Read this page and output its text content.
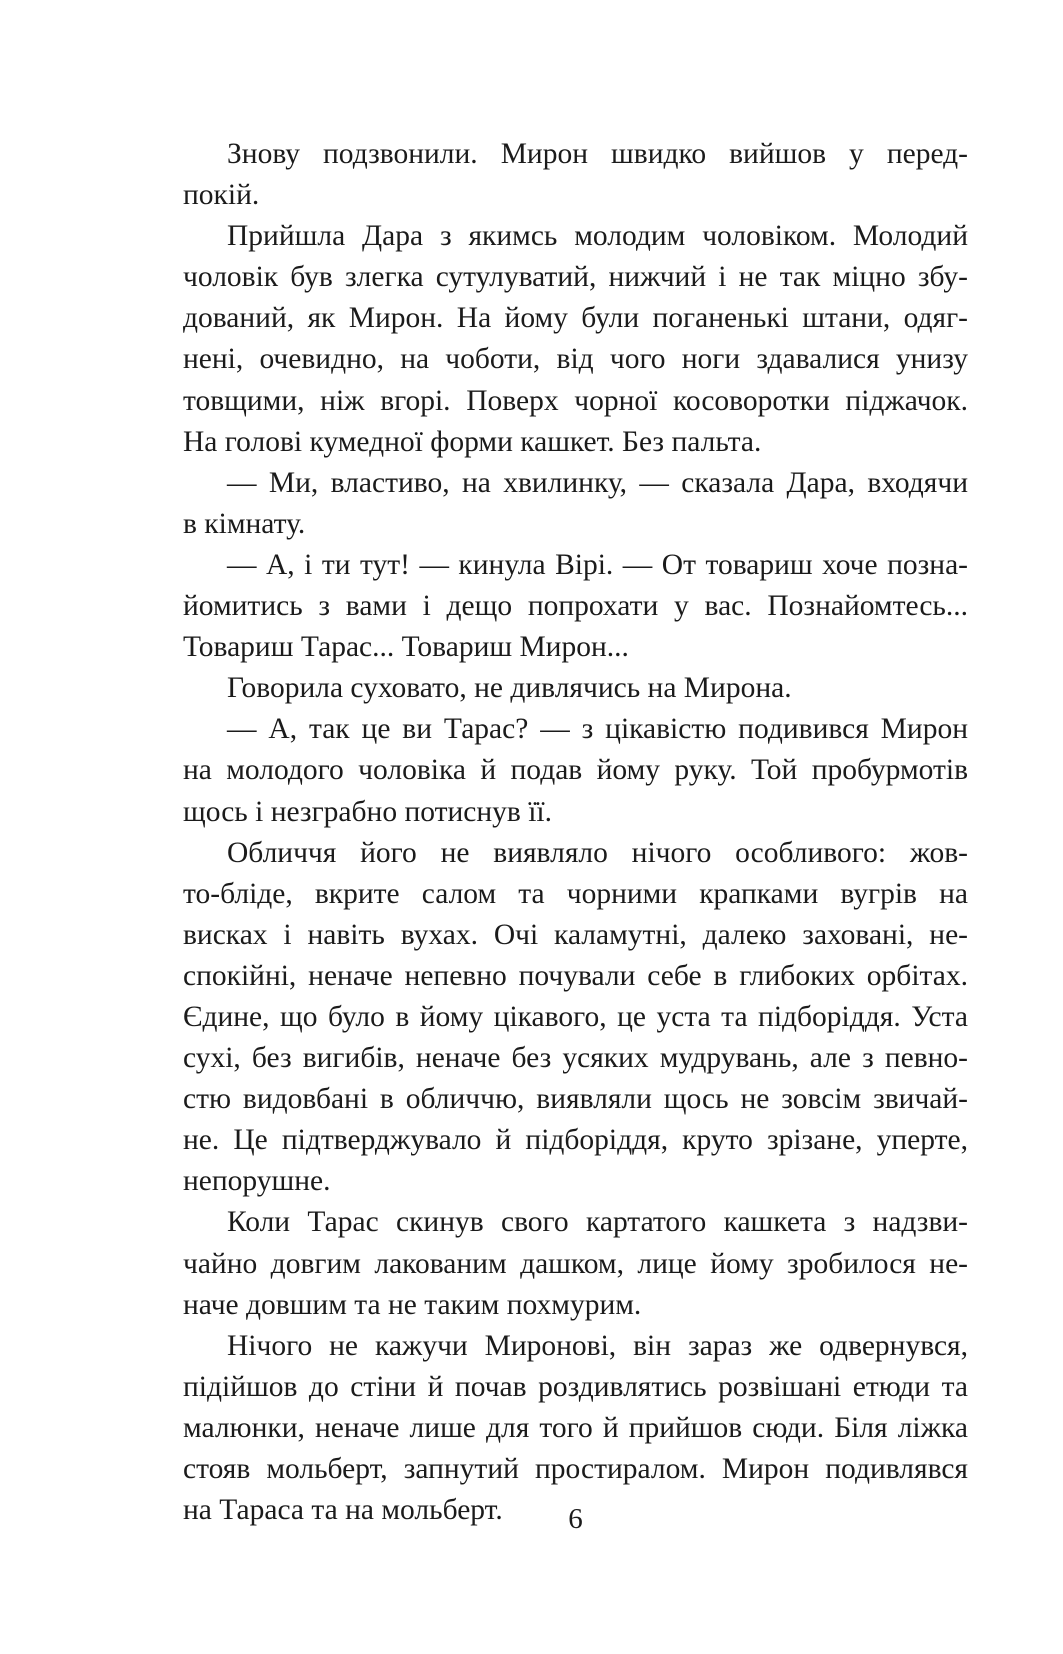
Знову подзвонили. Мирон швидко вийшов у перед-
покій.
Прийшла Дара з якимсь молодим чоловіком. Молодий
чоловік був злегка сутулуватий, нижчий і не так міцно збу-
дований, як Мирон. На йому були поганенькі штани, одяг-
нені, очевидно, на чоботи, від чого ноги здавалися унизу
товщими, ніж вгорі. Поверх чорної косоворотки піджачок.
На голові кумедної форми кашкет. Без пальта.
— Ми, властиво, на хвилинку, — сказала Дара, входячи
в кімнату.
— А, і ти тут! — кинула Вірі. — От товариш хоче позна-
йомитись з вами і дещо попрохати у вас. Познайомтесь...
Товариш Тарас... Товариш Мирон...
Говорила суховато, не дивлячись на Мирона.
— А, так це ви Тарас? — з цікавістю подивився Мирон
на молодого чоловіка й подав йому руку. Той пробурмотів
щось і незграбно потиснув її.
Обличчя його не виявляло нічого особливого: жов-
то-бліде, вкрите салом та чорними крапками вугрів на
висках і навіть вухах. Очі каламутні, далеко заховані, не-
спокійні, неначе непевно почували себе в глибоких орбітах.
Єдине, що було в йому цікавого, це уста та підборіддя. Уста
сухі, без вигибів, неначе без усяких мудрувань, але з певно-
стю видовбані в обличчю, виявляли щось не зовсім звичай-
не. Це підтверджувало й підборіддя, круто зрізане, уперте,
непорушне.
Коли Тарас скинув свого картатого кашкета з надзви-
чайно довгим лакованим дашком, лице йому зробилося не-
наче довшим та не таким похмурим.
Нічого не кажучи Миронові, він зараз же одвернувся,
підійшов до стіни й почав роздивлятись розвішані етюди та
малюнки, неначе лише для того й прийшов сюди. Біля ліжка
стояв мольберт, запнутий простиралом. Мирон подивлявся
на Тараса та на мольберт.	6
